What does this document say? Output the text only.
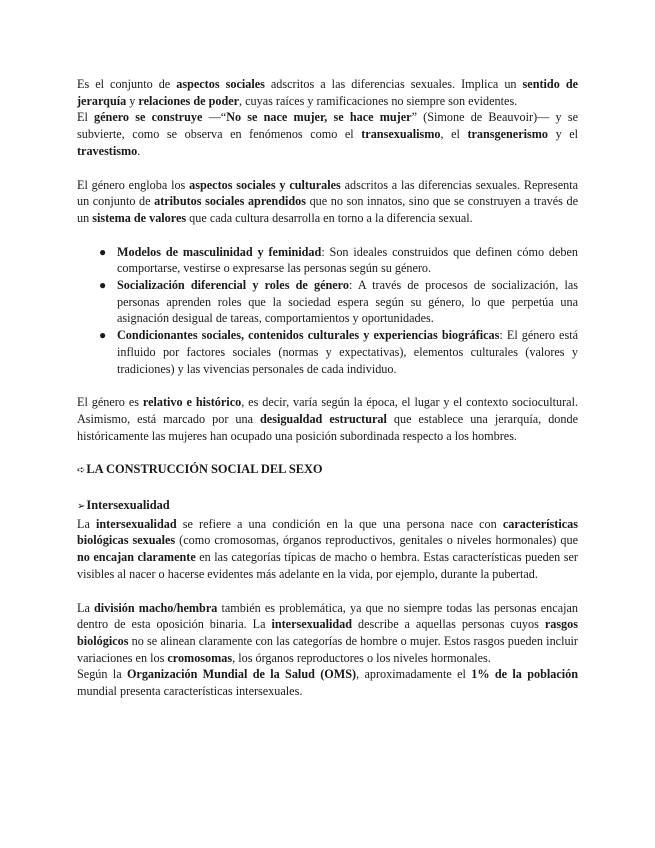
Es el conjunto de aspectos sociales adscritos a las diferencias sexuales. Implica un sentido de jerarquía y relaciones de poder, cuyas raíces y ramificaciones no siempre son evidentes.

El género se construye —“No se nace mujer, se hace mujer” (Simone de Beauvoir)— y se subvierte, como se observa en fenómenos como el transexualismo, el transgenerismo y el travestismo.

El género engloba los aspectos sociales y culturales adscritos a las diferencias sexuales. Representa un conjunto de atributos sociales aprendidos que no son innatos, sino que se construyen a través de un sistema de valores que cada cultura desarrolla en torno a la diferencia sexual.

● Modelos de masculinidad y feminidad: Son ideales construidos que definen cómo deben comportarse, vestirse o expresarse las personas según su género.
● Socialización diferencial y roles de género: A través de procesos de socialización, las personas aprenden roles que la sociedad espera según su género, lo que perpetúa una asignación desigual de tareas, comportamientos y oportunidades.
● Condicionantes sociales, contenidos culturales y experiencias biográficas: El género está influido por factores sociales (normas y expectativas), elementos culturales (valores y tradiciones) y las vivencias personales de cada individuo.

El género es relativo e histórico, es decir, varía según la época, el lugar y el contexto sociocultural. Asimismo, está marcado por una desigualdad estructural que establece una jerarquía, donde históricamente las mujeres han ocupado una posición subordinada respecto a los hombres.

➪LA CONSTRUCCIÓN SOCIAL DEL SEXO

➢Intersexualidad

La intersexualidad se refiere a una condición en la que una persona nace con características biológicas sexuales (como cromosomas, órganos reproductivos, genitales o niveles hormonales) que no encajan claramente en las categorías típicas de macho o hembra. Estas características pueden ser visibles al nacer o hacerse evidentes más adelante en la vida, por ejemplo, durante la pubertad.

La división macho/hembra también es problemática, ya que no siempre todas las personas encajan dentro de esta oposición binaria. La intersexualidad describe a aquellas personas cuyos rasgos biológicos no se alinean claramente con las categorías de hombre o mujer. Estos rasgos pueden incluir variaciones en los cromosomas, los órganos reproductores o los niveles hormonales.

Según la Organización Mundial de la Salud (OMS), aproximadamente el 1% de la población mundial presenta características intersexuales.
